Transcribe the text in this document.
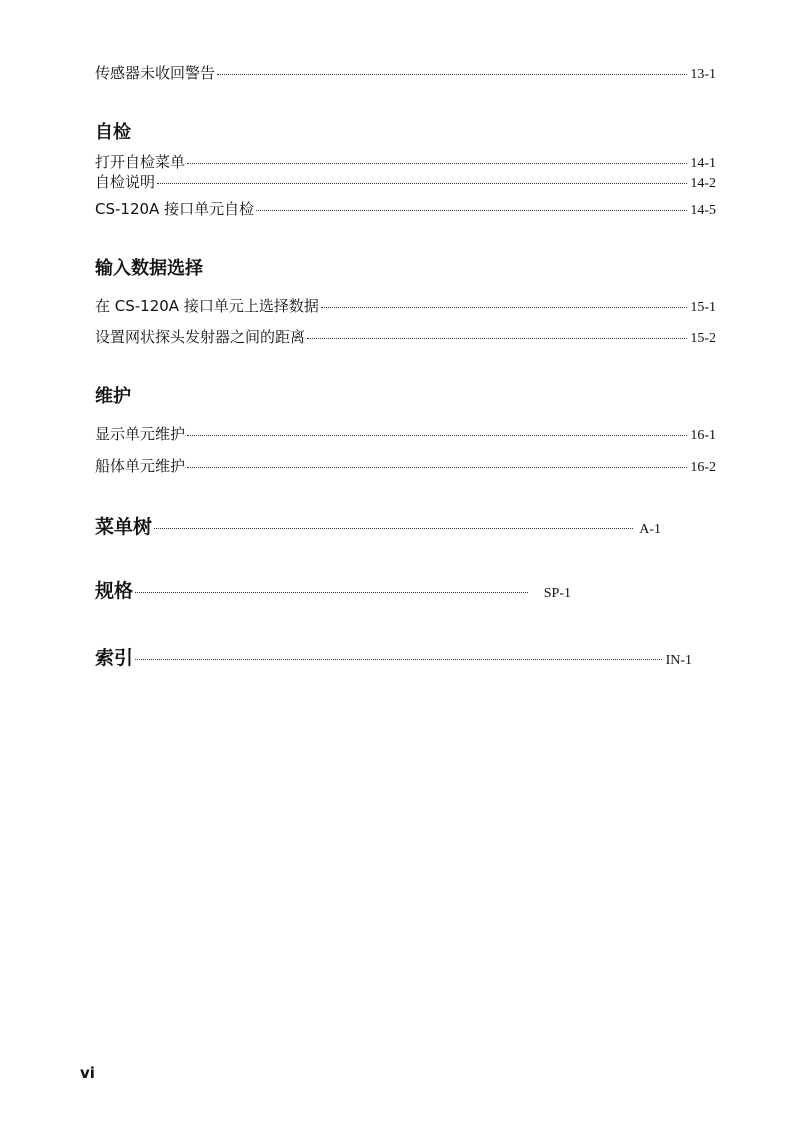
传感器未收回警告	13-1
自检
打开自检菜单	14-1
自检说明	14-2
CS-120A 接口单元自检	14-5
输入数据选择
在 CS-120A 接口单元上选择数据	15-1
设置网状探头发射器之间的距离	15-2
维护
显示单元维护	16-1
船体单元维护	16-2
菜单树	A-1
规格	SP-1
索引	IN-1

vi
